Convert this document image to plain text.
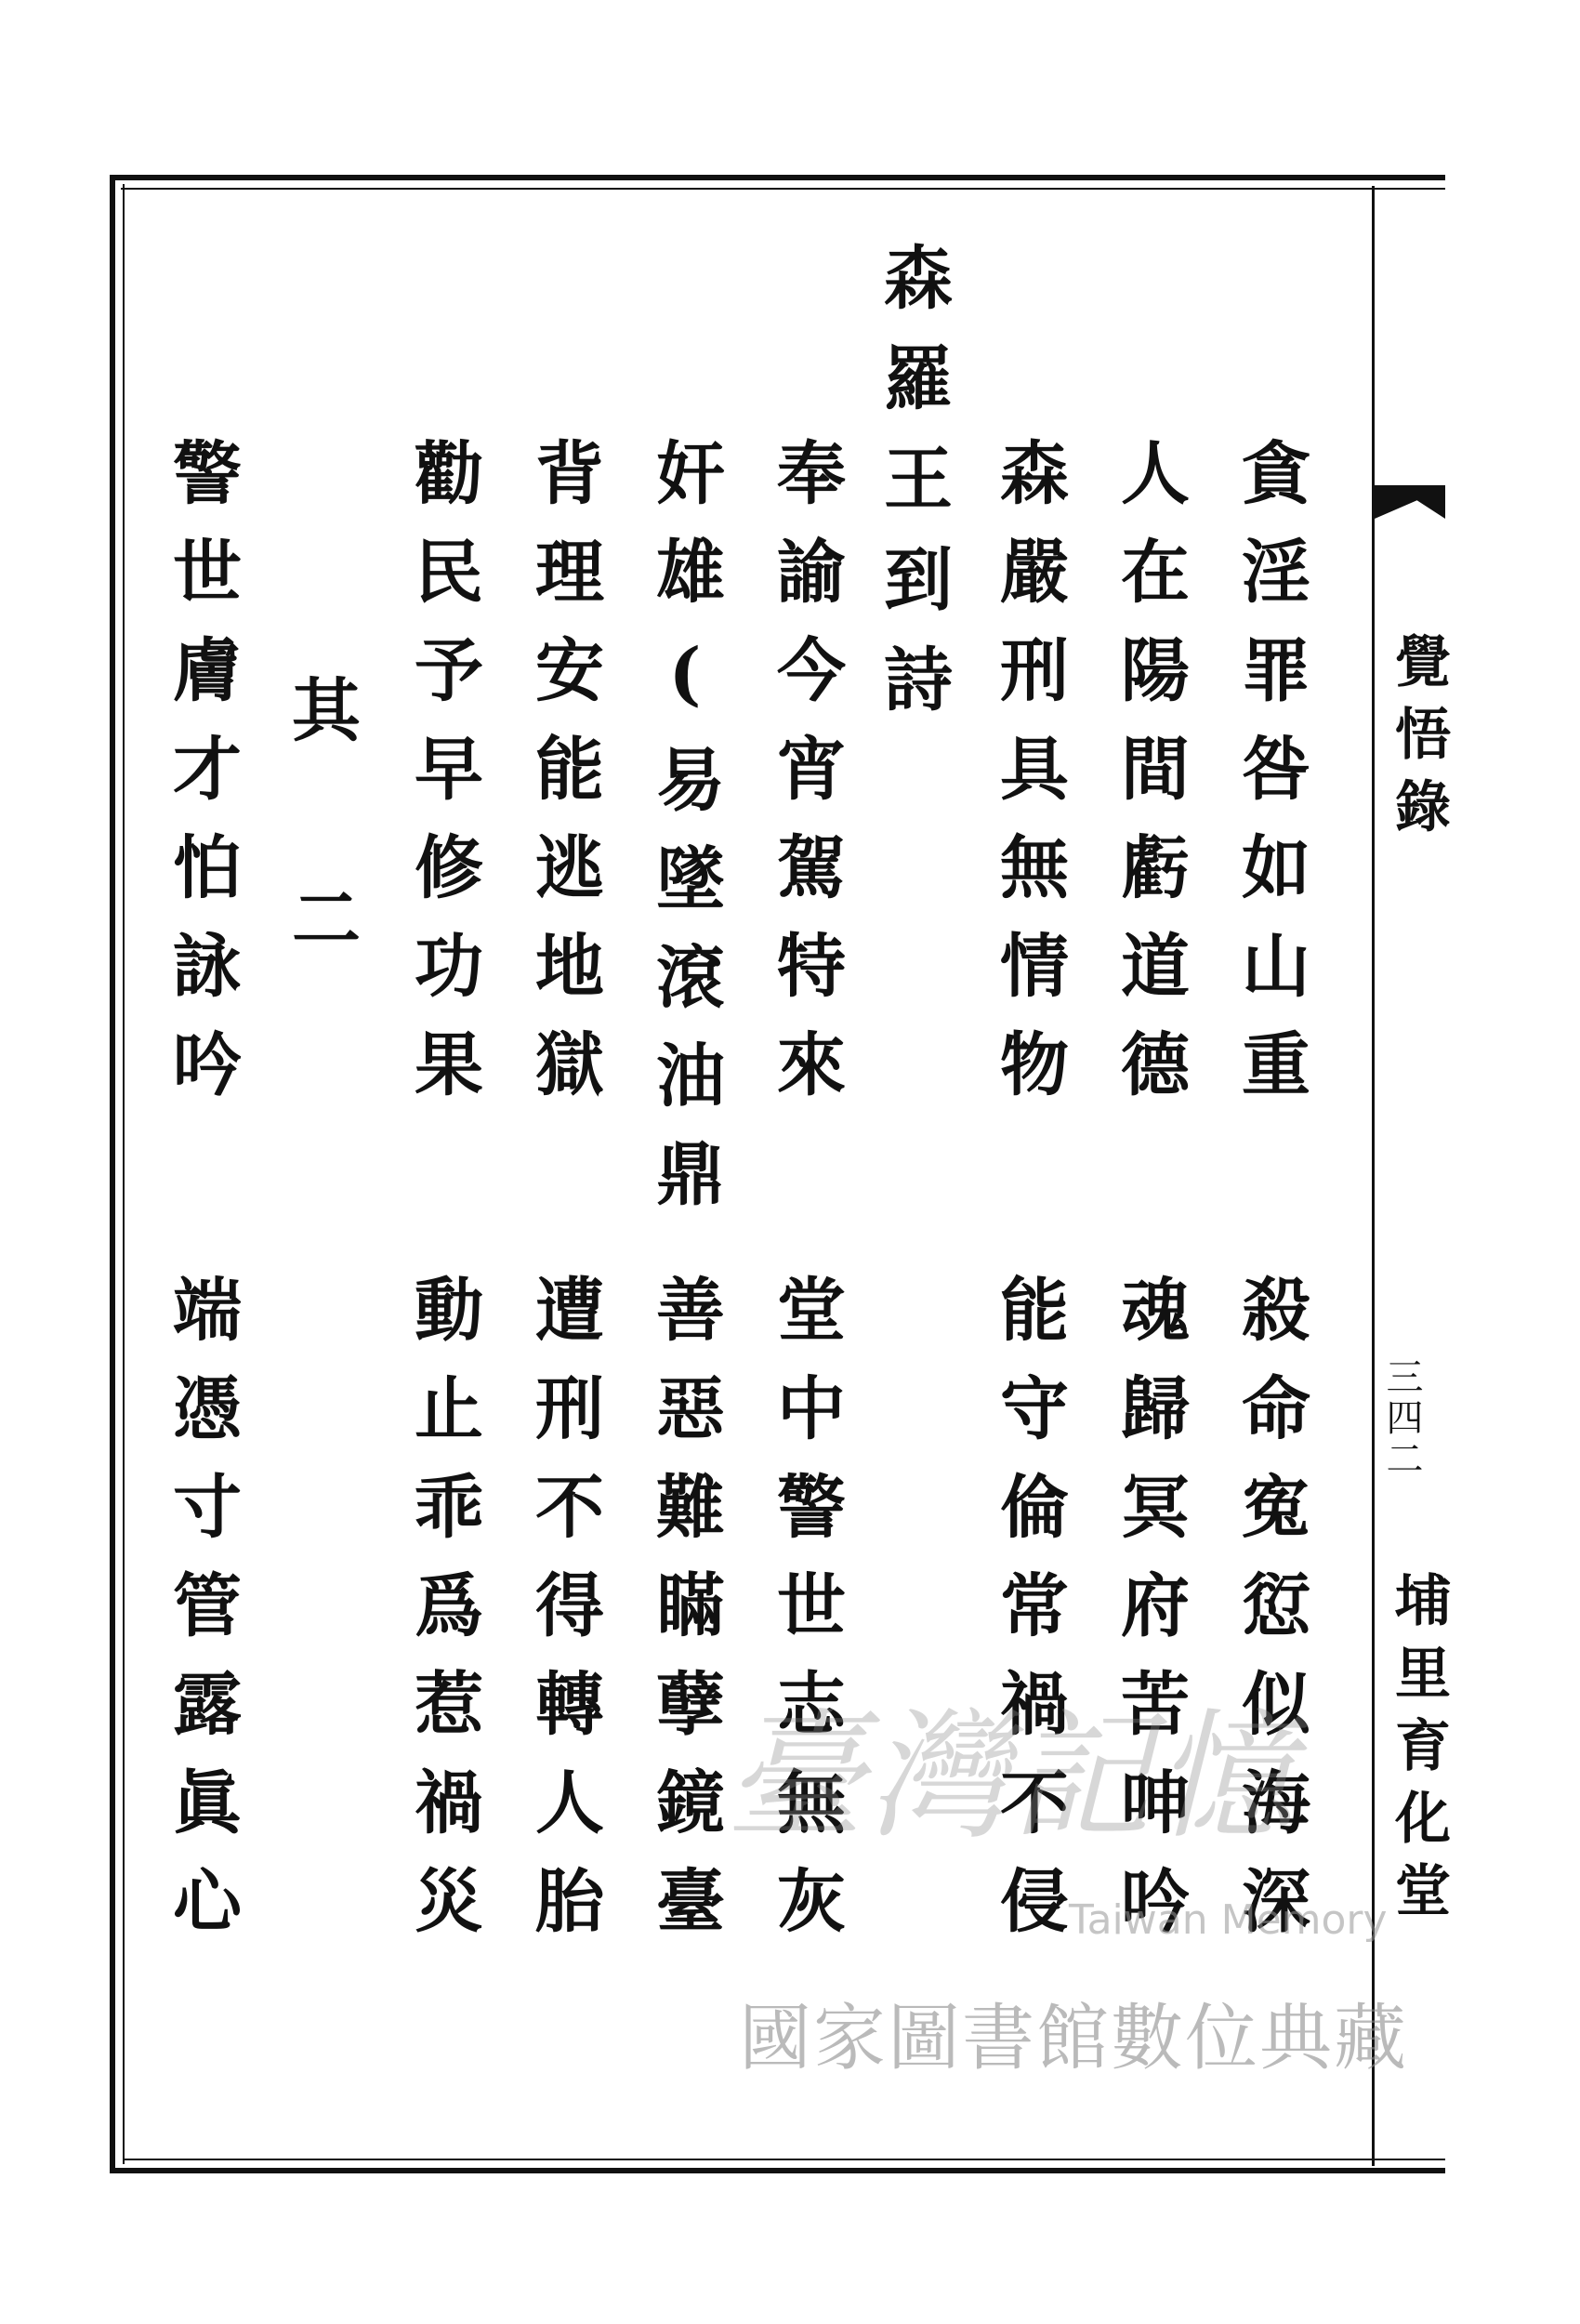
覺悟錄
三四二
埔里育化堂
貪淫罪咎如山重
殺命寃愆似海深
人在陽間虧道德
魂歸冥府苦呻吟
森嚴刑具無情物
能守倫常禍不侵
森羅王到詩
奉諭今宵駕特來
堂中警世志無灰
奸雄(易墜滾油鼎
善惡難瞞孽鏡臺
背理安能逃地獄
遭刑不得轉人胎
勸民予早修功果
動止乖爲惹禍災
其二
警世膚才怕詠吟
端憑寸管露眞心	臺灣記憶
Taiwan Memory
國家圖書館數位典藏
